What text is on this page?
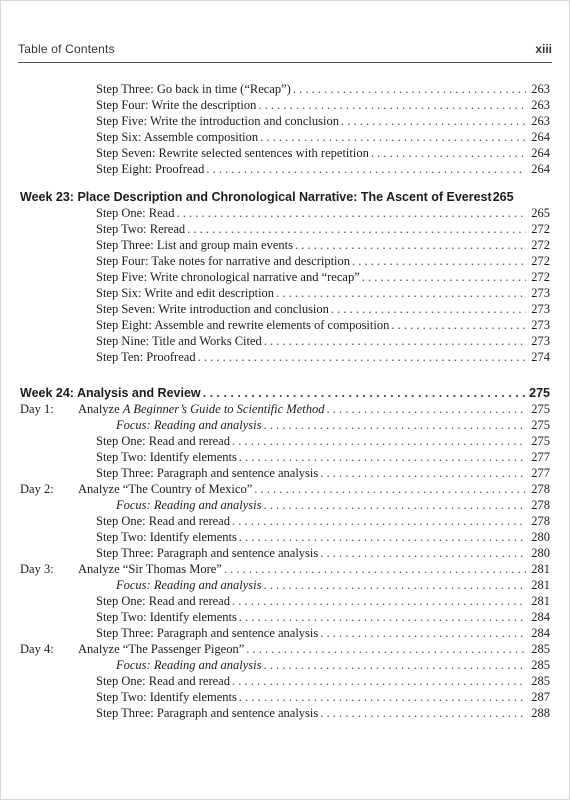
Table of Contents	xiii
Step Three: Go back in time (“Recap”) . . .	263
Step Four: Write the description . . .	263
Step Five: Write the introduction and conclusion . . .	263
Step Six: Assemble composition . . .	264
Step Seven: Rewrite selected sentences with repetition . . .	264
Step Eight: Proofread . . .	264
Week 23: Place Description and Chronological Narrative: The Ascent of Everest 265
Step One: Read . . .	265
Step Two: Reread . . .	272
Step Three: List and group main events . . .	272
Step Four: Take notes for narrative and description . . .	272
Step Five: Write chronological narrative and “recap” . . .	272
Step Six: Write and edit description . . .	273
Step Seven: Write introduction and conclusion . . .	273
Step Eight: Assemble and rewrite elements of composition . . .	273
Step Nine: Title and Works Cited . . .	273
Step Ten: Proofread . . .	274
Week 24: Analysis and Review . . .	275
Day 1: Analyze A Beginner’s Guide to Scientific Method . . .	275
Focus: Reading and analysis . . .	275
Step One: Read and reread . . .	275
Step Two: Identify elements . . .	277
Step Three: Paragraph and sentence analysis . . .	277
Day 2: Analyze “The Country of Mexico” . . .	278
Focus: Reading and analysis . . .	278
Step One: Read and reread . . .	278
Step Two: Identify elements . . .	280
Step Three: Paragraph and sentence analysis . . .	280
Day 3: Analyze “Sir Thomas More” . . .	281
Focus: Reading and analysis . . .	281
Step One: Read and reread . . .	281
Step Two: Identify elements . . .	284
Step Three: Paragraph and sentence analysis . . .	284
Day 4: Analyze “The Passenger Pigeon” . . .	285
Focus: Reading and analysis . . .	285
Step One: Read and reread . . .	285
Step Two: Identify elements . . .	287
Step Three: Paragraph and sentence analysis . . .	288
